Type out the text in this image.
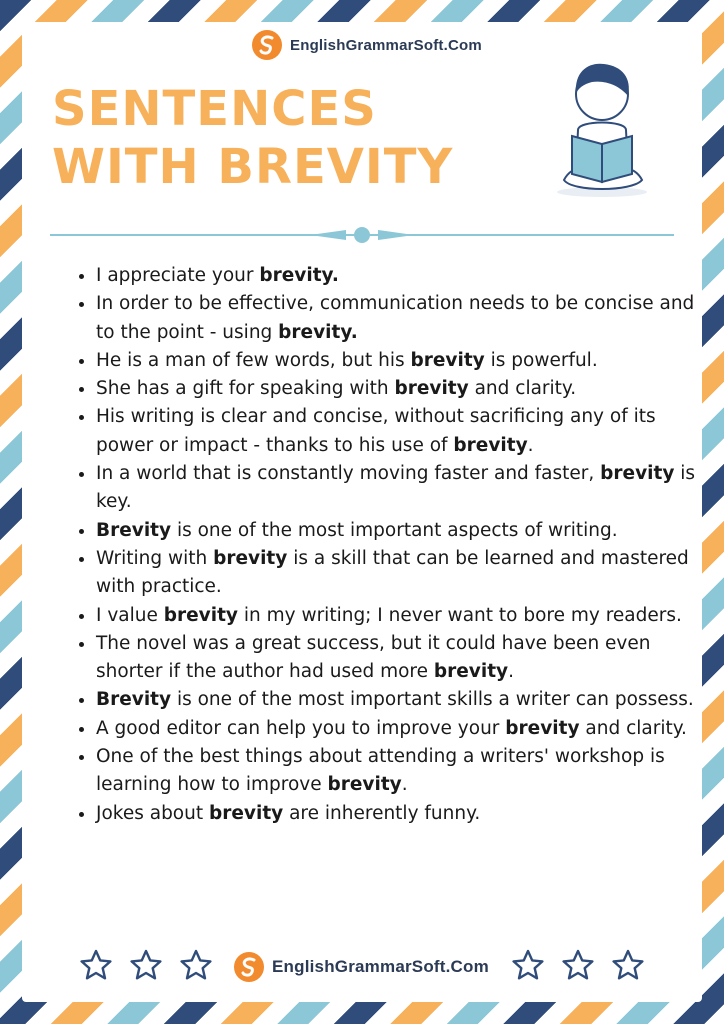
EnglishGrammarSoft.Com
SENTENCES
WITH BREVITY
• I appreciate your brevity.
• In order to be effective, communication needs to be concise and to the point - using brevity.
• He is a man of few words, but his brevity is powerful.
• She has a gift for speaking with brevity and clarity.
• His writing is clear and concise, without sacrificing any of its power or impact - thanks to his use of brevity.
• In a world that is constantly moving faster and faster, brevity is key.
• Brevity is one of the most important aspects of writing.
• Writing with brevity is a skill that can be learned and mastered with practice.
• I value brevity in my writing; I never want to bore my readers.
• The novel was a great success, but it could have been even shorter if the author had used more brevity.
• Brevity is one of the most important skills a writer can possess.
• A good editor can help you to improve your brevity and clarity.
• One of the best things about attending a writers' workshop is learning how to improve brevity.
• Jokes about brevity are inherently funny.
EnglishGrammarSoft.Com
